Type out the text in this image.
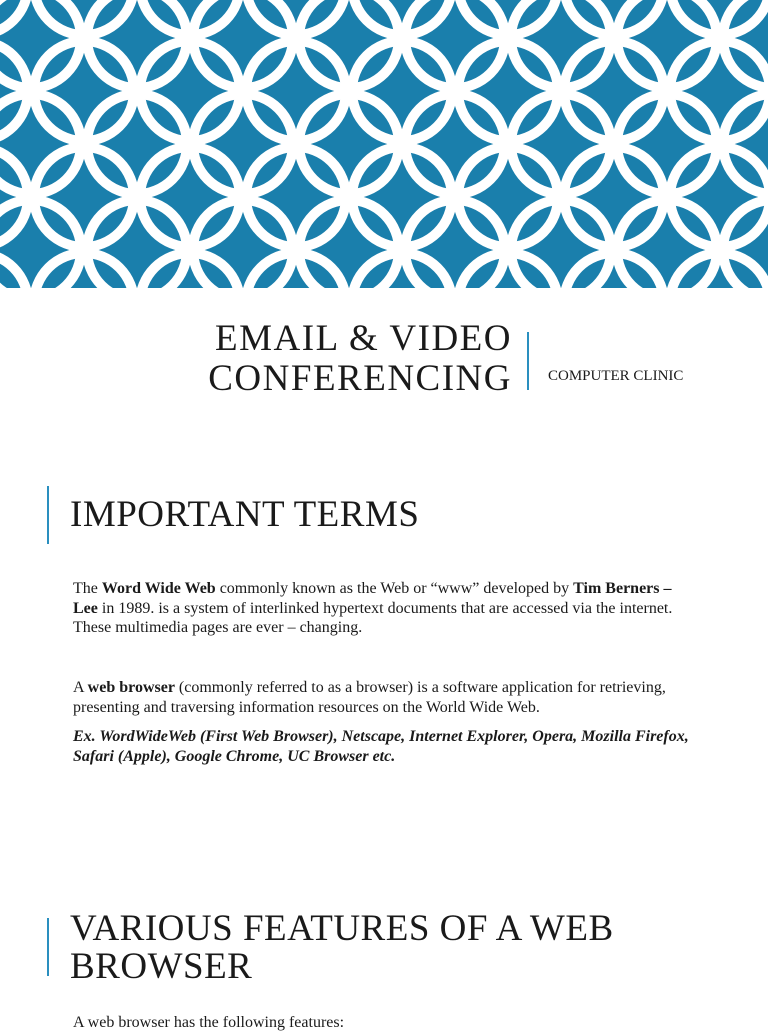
EMAIL & VIDEO
CONFERENCING COMPUTER CLINIC
IMPORTANT TERMS

The Word Wide Web commonly known as the Web or “www” developed by Tim Berners – Lee in 1989. is a system of interlinked hypertext documents that are accessed via the internet. These multimedia pages are ever – changing.

A web browser (commonly referred to as a browser) is a software application for retrieving, presenting and traversing information resources on the World Wide Web.

Ex. WordWideWeb (First Web Browser), Netscape, Internet Explorer, Opera, Mozilla Firefox, Safari (Apple), Google Chrome, UC Browser etc.

VARIOUS FEATURES OF A WEB
BROWSER

A web browser has the following features:
